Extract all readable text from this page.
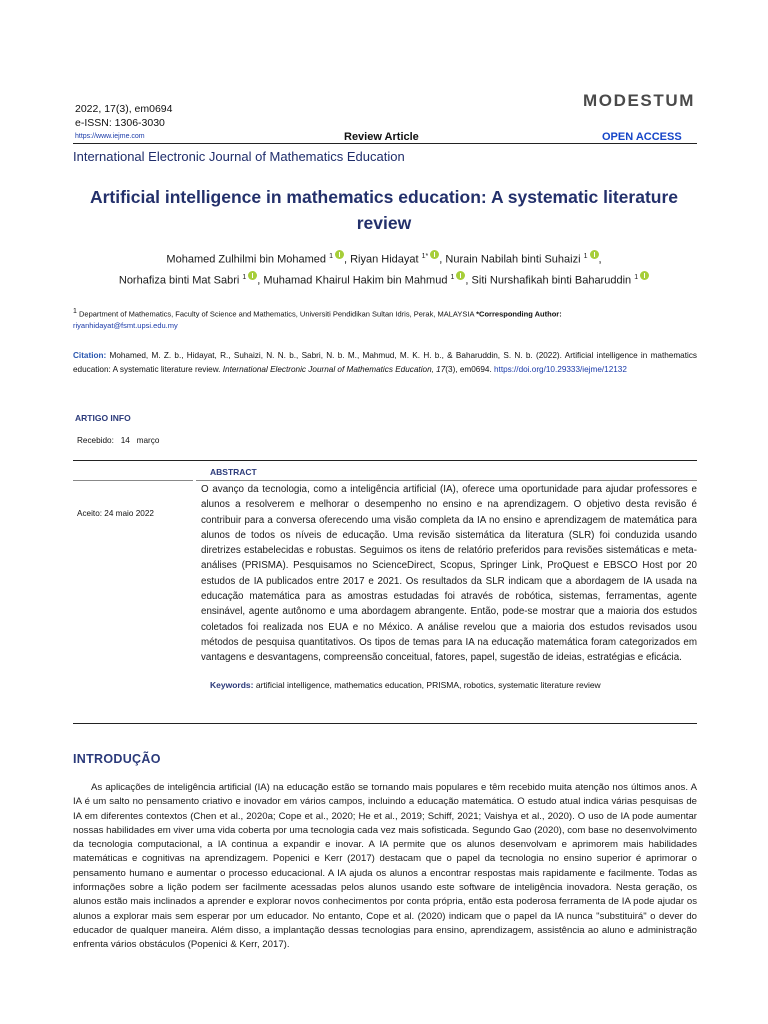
2022, 17(3), em0694
e-ISSN: 1306-3030
https://www.iejme.com
MODESTUM
Review Article	OPEN ACCESS
International Electronic Journal of Mathematics Education
Artificial intelligence in mathematics education: A systematic literature review
Mohamed Zulhilmi bin Mohamed $^1$ , Riyan Hidayat $^{1*}$ , Nurain Nabilah binti Suhaizi $^1$ ,
Norhafiza binti Mat Sabri $^1$ , Muhamad Khairul Hakim bin Mahmud $^1$ , Siti Nurshafikah binti Baharuddin $^1$
$^1$ Department of Mathematics, Faculty of Science and Mathematics, Universiti Pendidikan Sultan Idris, Perak, MALAYSIA *Corresponding Author: riyanhidayat@fsmt.upsi.edu.my
Citation: Mohamed, M. Z. b., Hidayat, R., Suhaizi, N. N. b., Sabri, N. b. M., Mahmud, M. K. H. b., & Baharuddin, S. N. b. (2022). Artificial intelligence in mathematics education: A systematic literature review. International Electronic Journal of Mathematics Education, 17(3), em0694. https://doi.org/10.29333/iejme/12132
ARTIGO INFO
Recebido:   14   março
ABSTRACT
Aceito: 24 maio 2022
O avanço da tecnologia, como a inteligência artificial (IA), oferece uma oportunidade para ajudar professores e alunos a resolverem e melhorar o desempenho no ensino e na aprendizagem. O objetivo desta revisão é contribuir para a conversa oferecendo uma visão completa da IA no ensino e aprendizagem de matemática para alunos de todos os níveis de educação. Uma revisão sistemática da literatura (SLR) foi conduzida usando diretrizes estabelecidas e robustas. Seguimos os itens de relatório preferidos para revisões sistemáticas e meta-análises (PRISMA). Pesquisamos no ScienceDirect, Scopus, Springer Link, ProQuest e EBSCO Host por 20 estudos de IA publicados entre 2017 e 2021. Os resultados da SLR indicam que a abordagem de IA usada na educação matemática para as amostras estudadas foi através de robótica, sistemas, ferramentas, agente ensinável, agente autônomo e uma abordagem abrangente. Então, pode-se mostrar que a maioria dos estudos coletados foi realizada nos EUA e no México. A análise revelou que a maioria dos estudos revisados usou métodos de pesquisa quantitativos. Os tipos de temas para IA na educação matemática foram categorizados em vantagens e desvantagens, compreensão conceitual, fatores, papel, sugestão de ideias, estratégias e eficácia.
Keywords: artificial intelligence, mathematics education, PRISMA, robotics, systematic literature review
INTRODUÇÃO
As aplicações de inteligência artificial (IA) na educação estão se tornando mais populares e têm recebido muita atenção nos últimos anos. A IA é um salto no pensamento criativo e inovador em vários campos, incluindo a educação matemática. O estudo atual indica várias pesquisas de IA em diferentes contextos (Chen et al., 2020a; Cope et al., 2020; He et al., 2019; Schiff, 2021; Vaishya et al., 2020). O uso de IA pode aumentar nossas habilidades em viver uma vida coberta por uma tecnologia cada vez mais sofisticada. Segundo Gao (2020), com base no desenvolvimento da tecnologia computacional, a IA continua a expandir e inovar. A IA permite que os alunos desenvolvam e aprimorem mais habilidades matemáticas e cognitivas na aprendizagem. Popenici e Kerr (2017) destacam que o papel da tecnologia no ensino superior é aprimorar o pensamento humano e aumentar o processo educacional. A IA ajuda os alunos a encontrar respostas mais rapidamente e facilmente. Todas as informações sobre a lição podem ser facilmente acessadas pelos alunos usando este software de inteligência inovadora. Nesta geração, os alunos estão mais inclinados a aprender e explorar novos conhecimentos por conta própria, então esta poderosa ferramenta de IA pode ajudar os alunos a explorar mais sem esperar por um educador. No entanto, Cope et al. (2020) indicam que o papel da IA nunca "substituirá" o dever do educador de qualquer maneira. Além disso, a implantação dessas tecnologias para ensino, aprendizagem, assistência ao aluno e administração enfrenta vários obstáculos (Popenici & Kerr, 2017).
